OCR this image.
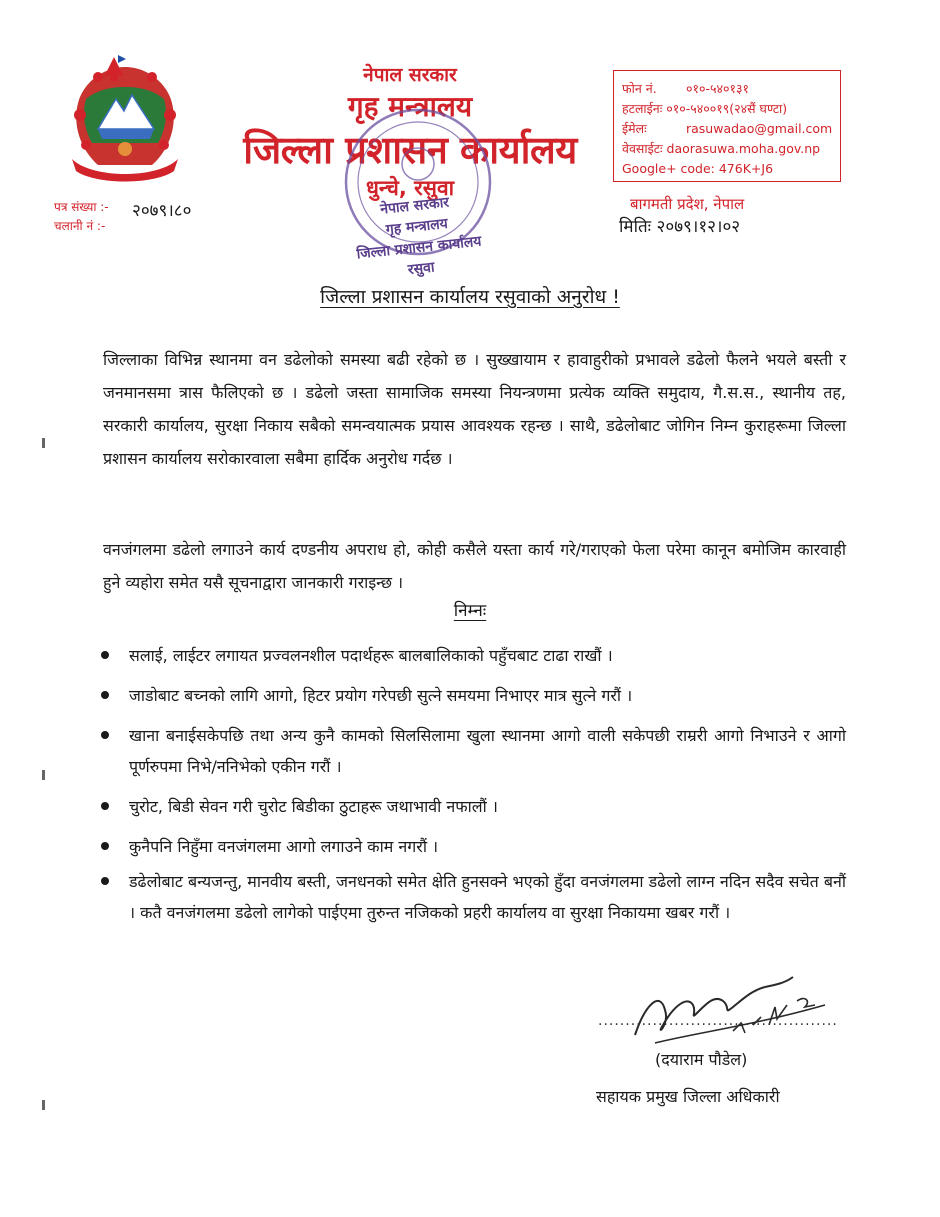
नेपाल सरकार
गृह मन्त्रालय
जिल्ला प्रशासन कार्यालय
धुन्चे, रसुवा
नेपाल सरकार
गृह मन्त्रालय
जिल्ला प्रशासन कार्यालय
रसुवा
फोन नं. ०१०-५४०१३१
हटलाईनः ०१०-५४००१९(२४सैं घण्टा)
ईमेलः	rasuwadao@gmail.com
वेवसाईटः daorasuwa.moha.gov.np
Google+ code: 476K+J6
बागमती प्रदेश, नेपाल
मितिः २०७९।१२।०२
पत्र संख्या :- २०७९।८०
चलानी नं :-
जिल्ला प्रशासन कार्यालय रसुवाको अनुरोध !
जिल्लाका विभिन्न स्थानमा वन डढेलोको समस्या बढी रहेको छ । सुख्खायाम र हावाहुरीको प्रभावले डढेलो फैलने भयले बस्ती र जनमानसमा त्रास फैलिएको छ । डढेलो जस्ता सामाजिक समस्या नियन्त्रणमा प्रत्येक व्यक्ति समुदाय, गै.स.स., स्थानीय तह, सरकारी कार्यालय, सुरक्षा निकाय सबैको समन्वयात्मक प्रयास आवश्यक रहन्छ । साथै, डढेलोबाट जोगिन निम्न कुराहरूमा जिल्ला प्रशासन कार्यालय सरोकारवाला सबैमा हार्दिक अनुरोध गर्दछ ।
वनजंगलमा डढेलो लगाउने कार्य दण्डनीय अपराध हो, कोही कसैले यस्ता कार्य गरे/गराएको फेला परेमा कानून बमोजिम कारवाही हुने व्यहोरा समेत यसै सूचनाद्वारा जानकारी गराइन्छ ।
निम्नः
सलाई, लाईटर लगायत प्रज्वलनशील पदार्थहरू बालबालिकाको पहुँचबाट टाढा राखौं ।
जाडोबाट बच्नको लागि आगो, हिटर प्रयोग गरेपछी सुत्ने समयमा निभाएर मात्र सुत्ने गरौं ।
खाना बनाईसकेपछि तथा अन्य कुनै कामको सिलसिलामा खुला स्थानमा आगो वाली सकेपछी राम्ररी आगो निभाउने र आगो पूर्णरुपमा निभे/ननिभेको एकीन गरौं ।
चुरोट, बिडी सेवन गरी चुरोट बिडीका ठुटाहरू जथाभावी नफालौं ।
कुनैपनि निहुँमा वनजंगलमा आगो लगाउने काम नगरौं ।
डढेलोबाट बन्यजन्तु, मानवीय बस्ती, जनधनको समेत क्षेति हुनसक्ने भएको हुँदा वनजंगलमा डढेलो लाग्न नदिन सदैव सचेत बनौं । कतै वनजंगलमा डढेलो लागेको पाईएमा तुरुन्त नजिकको प्रहरी कार्यालय वा सुरक्षा निकायमा खबर गरौं ।
............................................
(दयाराम पौडेल)
सहायक प्रमुख जिल्ला अधिकारी
